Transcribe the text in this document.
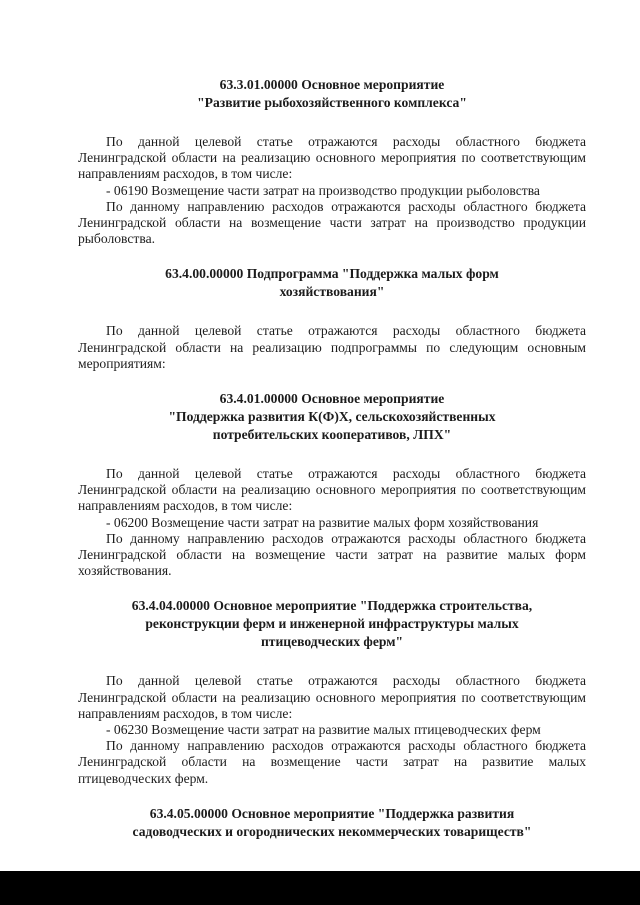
63.3.01.00000 Основное мероприятие
"Развитие рыбохозяйственного комплекса"

По данной целевой статье отражаются расходы областного бюджета Ленинградской области на реализацию основного мероприятия по соответствующим направлениям расходов, в том числе:

- 06190 Возмещение части затрат на производство продукции рыболовства

По данному направлению расходов отражаются расходы областного бюджета Ленинградской области на возмещение части затрат на производство продукции рыболовства.

63.4.00.00000 Подпрограмма "Поддержка малых форм
хозяйствования"

По данной целевой статье отражаются расходы областного бюджета Ленинградской области на реализацию подпрограммы по следующим основным мероприятиям:

63.4.01.00000 Основное мероприятие
"Поддержка развития К(Ф)Х, сельскохозяйственных
потребительских кооперативов, ЛПХ"

По данной целевой статье отражаются расходы областного бюджета Ленинградской области на реализацию основного мероприятия по соответствующим направлениям расходов, в том числе:

- 06200 Возмещение части затрат на развитие малых форм хозяйствования

По данному направлению расходов отражаются расходы областного бюджета Ленинградской области на возмещение части затрат на развитие малых форм хозяйствования.

63.4.04.00000 Основное мероприятие "Поддержка строительства,
реконструкции ферм и инженерной инфраструктуры малых
птицеводческих ферм"

По данной целевой статье отражаются расходы областного бюджета Ленинградской области на реализацию основного мероприятия по соответствующим направлениям расходов, в том числе:

- 06230 Возмещение части затрат на развитие малых птицеводческих ферм

По данному направлению расходов отражаются расходы областного бюджета Ленинградской области на возмещение части затрат на развитие малых птицеводческих ферм.

63.4.05.00000 Основное мероприятие "Поддержка развития
садоводческих и огороднических некоммерческих товариществ"
